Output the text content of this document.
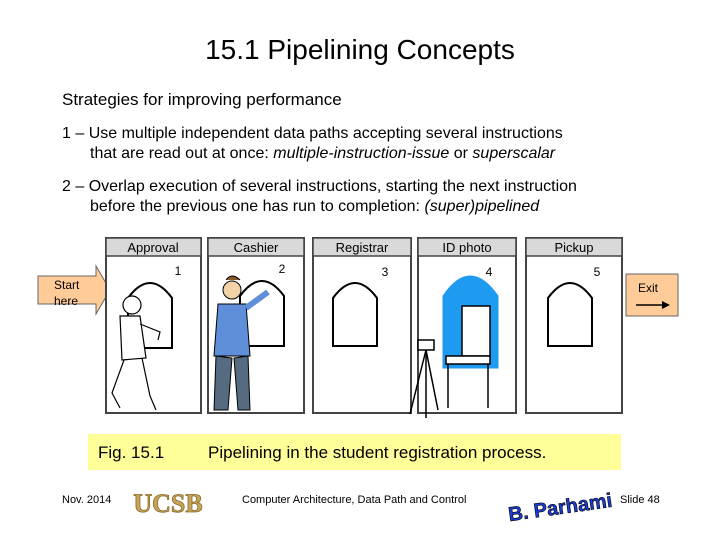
15.1 Pipelining Concepts
Strategies for improving performance
1 – Use multiple independent data paths accepting several instructions
that are read out at once: multiple-instruction-issue or superscalar
2 – Overlap execution of several instructions, starting the next instruction
before the previous one has run to completion: (super)pipelined
Start
here
Approval
1
Cashier
2
Registrar
3
ID photo
4
Pickup
5
Exit
Fig. 15.1	Pipelining in the student registration process.
Nov. 2014 UCSB	Computer Architecture, Data Path and Control B. Parhami Slide 48
